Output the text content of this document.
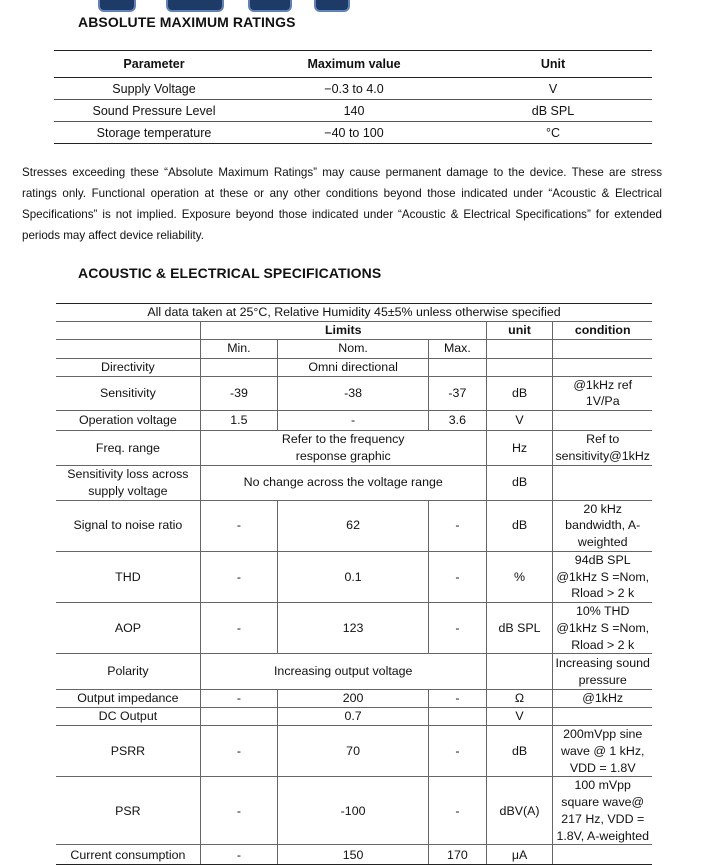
ABSOLUTE MAXIMUM RATINGS
Parameter	Maximum value	Unit
Supply Voltage	−0.3 to 4.0	V
Sound Pressure Level	140	dB SPL
Storage temperature	−40 to 100	°C
Stresses exceeding these “Absolute Maximum Ratings” may cause permanent damage to the device. These are stress ratings only. Functional operation at these or any other conditions beyond those indicated under “Acoustic & Electrical Specifications” is not implied. Exposure beyond those indicated under “Acoustic & Electrical Specifications” for extended periods may affect device reliability.
ACOUSTIC & ELECTRICAL SPECIFICATIONS
All data taken at 25°C, Relative Humidity 45±5% unless otherwise specified					
	Limits			unit	condition
	Min.	Nom.	Max.		
Directivity		Omni directional			
Sensitivity	-39	-38	-37	dB	@1kHz ref 1V/Pa
Operation voltage	1.5	-	3.6	V	
Freq. range	Refer to the frequency response graphic			Hz	Ref to sensitivity@1kHz
Sensitivity loss across supply voltage	No change across the voltage range			dB	
Signal to noise ratio	-	62	-	dB	20 kHz bandwidth, A-weighted
THD	-	0.1	-	%	94dB SPL @1kHz S =Nom, Rload > 2 k
AOP	-	123	-	dB SPL	10% THD @1kHz S =Nom, Rload > 2 k
Polarity	Increasing output voltage				Increasing sound pressure
Output impedance	-	200	-	Ω	@1kHz
DC Output		0.7		V	
PSRR	-	70	-	dB	200mVpp sine wave @ 1 kHz, VDD = 1.8V
PSR	-	-100	-	dBV(A)	100 mVpp square wave@ 217 Hz, VDD = 1.8V, A-weighted
Current consumption	-	150	170	μA	
